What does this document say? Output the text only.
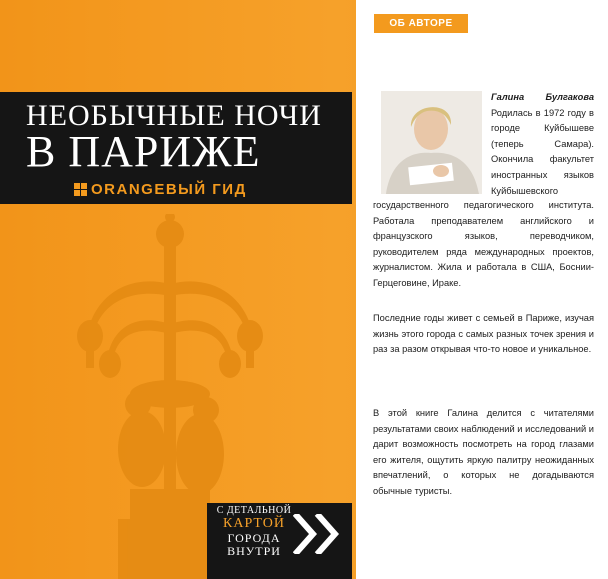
НЕОБЫЧНЫЕ НОЧИ
В ПАРИЖЕ
ORANGEВЫЙ ГИД
С ДЕТАЛЬНОЙ
КАРТОЙ
ГОРОДА
ВНУТРИ
ОБ АВТОРЕ
Галина Булгакова Родилась в 1972 году в городе Куйбышеве (теперь Самара). Окончила факультет иностранных языков Куйбышевского
государственного педагогического института. Работала преподавателем английского и французского языков, переводчиком, руководителем ряда международных проектов, журналистом. Жила и работала в США, Боснии-Герцеговине, Ираке.
Последние годы живет с семьей в Париже, изучая жизнь этого города с самых разных точек зрения и раз за разом открывая что-то новое и уникальное.
В этой книге Галина делится с читателями результатами своих наблюдений и исследований и дарит возможность посмотреть на город глазами его жителя, ощутить яркую палитру неожиданных впечатлений, о которых не догадываются обычные туристы.
